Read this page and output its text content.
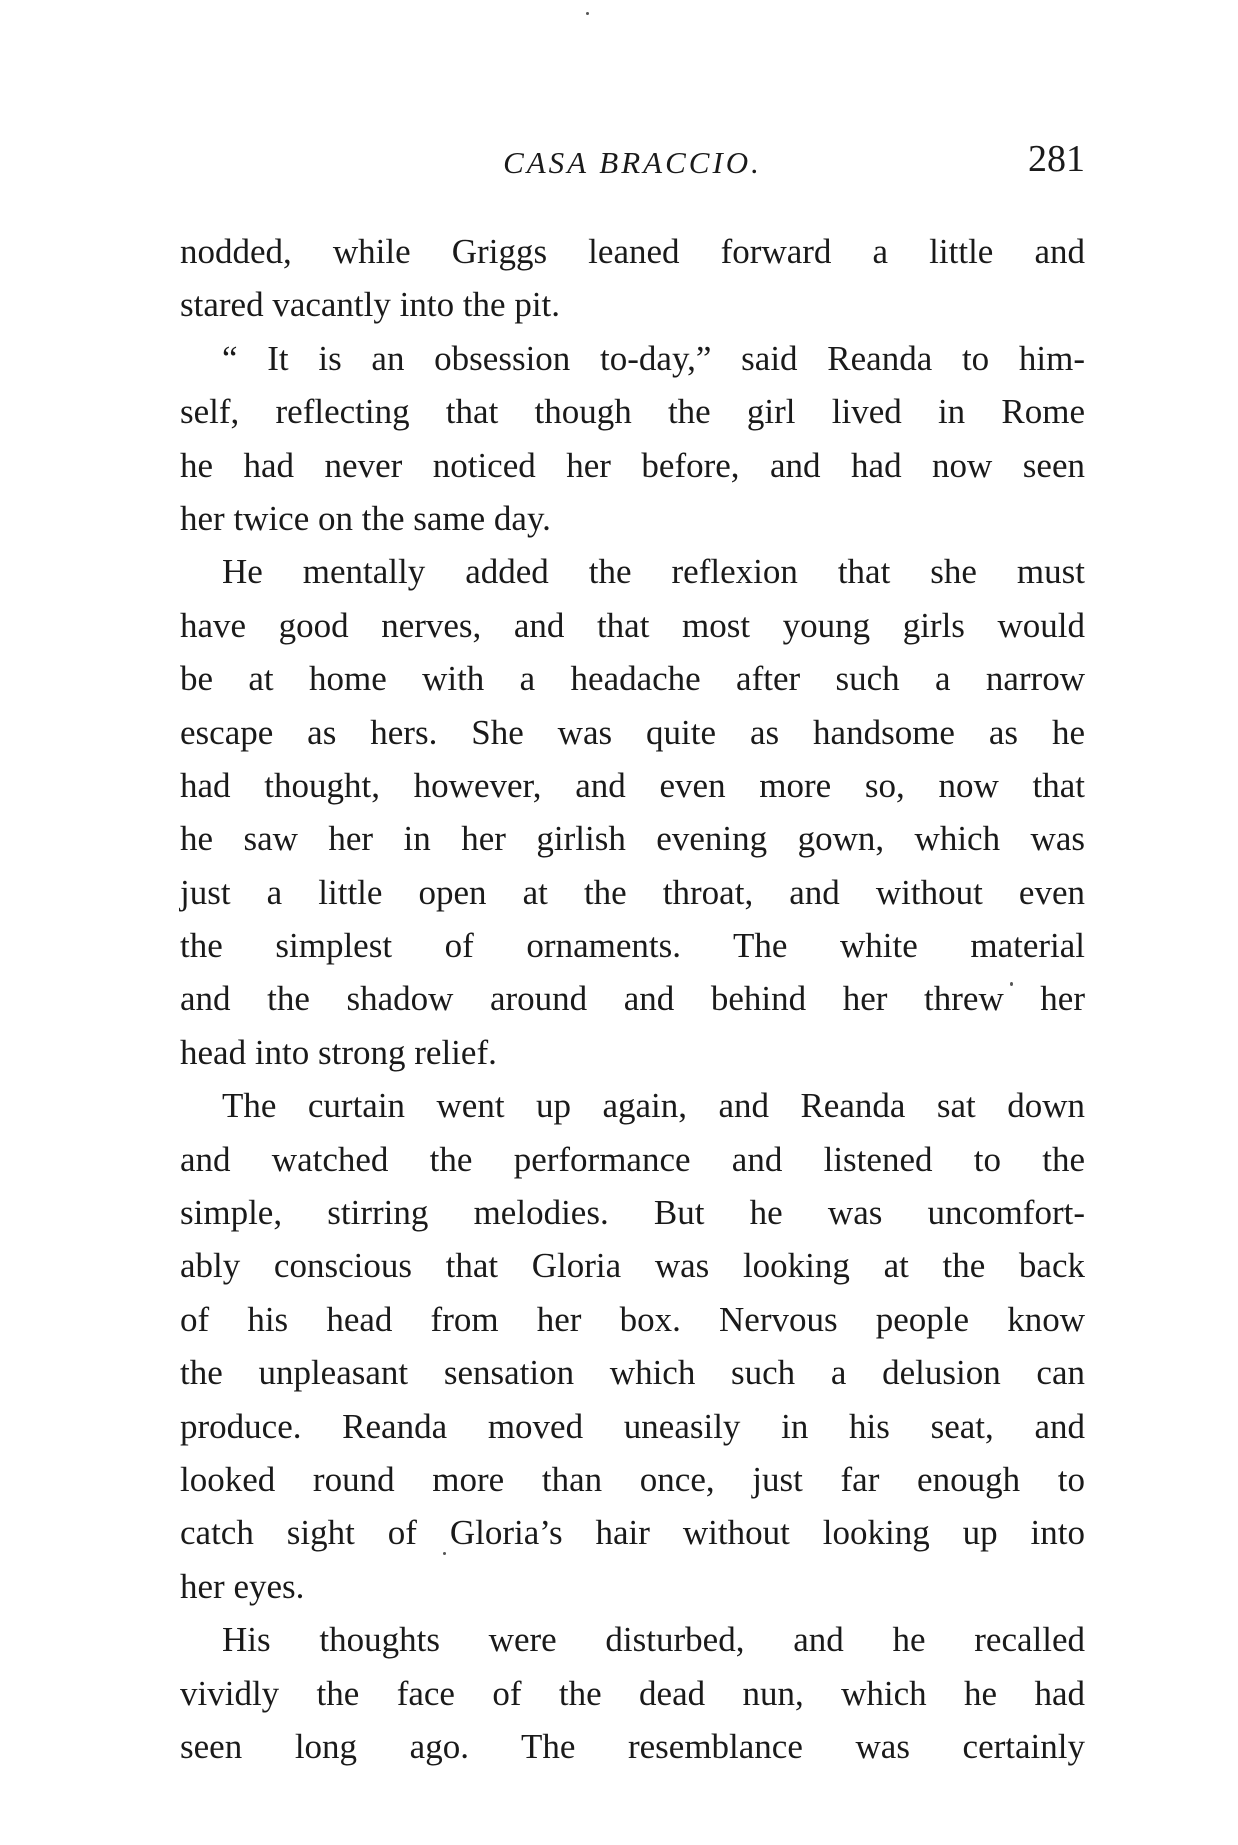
CASA BRACCIO.	281
nodded, while Griggs leaned forward a little and
stared vacantly into the pit.
“ It is an obsession to-day,” said Reanda to him-
self, reflecting that though the girl lived in Rome
he had never noticed her before, and had now seen
her twice on the same day.
He mentally added the reflexion that she must
have good nerves, and that most young girls would
be at home with a headache after such a narrow
escape as hers. She was quite as handsome as he
had thought, however, and even more so, now that
he saw her in her girlish evening gown, which was
just a little open at the throat, and without even
the simplest of ornaments. The white material
and the shadow around and behind her threw her
head into strong relief.
The curtain went up again, and Reanda sat down
and watched the performance and listened to the
simple, stirring melodies. But he was uncomfort-
ably conscious that Gloria was looking at the back
of his head from her box. Nervous people know
the unpleasant sensation which such a delusion can
produce. Reanda moved uneasily in his seat, and
looked round more than once, just far enough to
catch sight of Gloria’s hair without looking up into
her eyes.
His thoughts were disturbed, and he recalled
vividly the face of the dead nun, which he had
seen long ago. The resemblance was certainly
